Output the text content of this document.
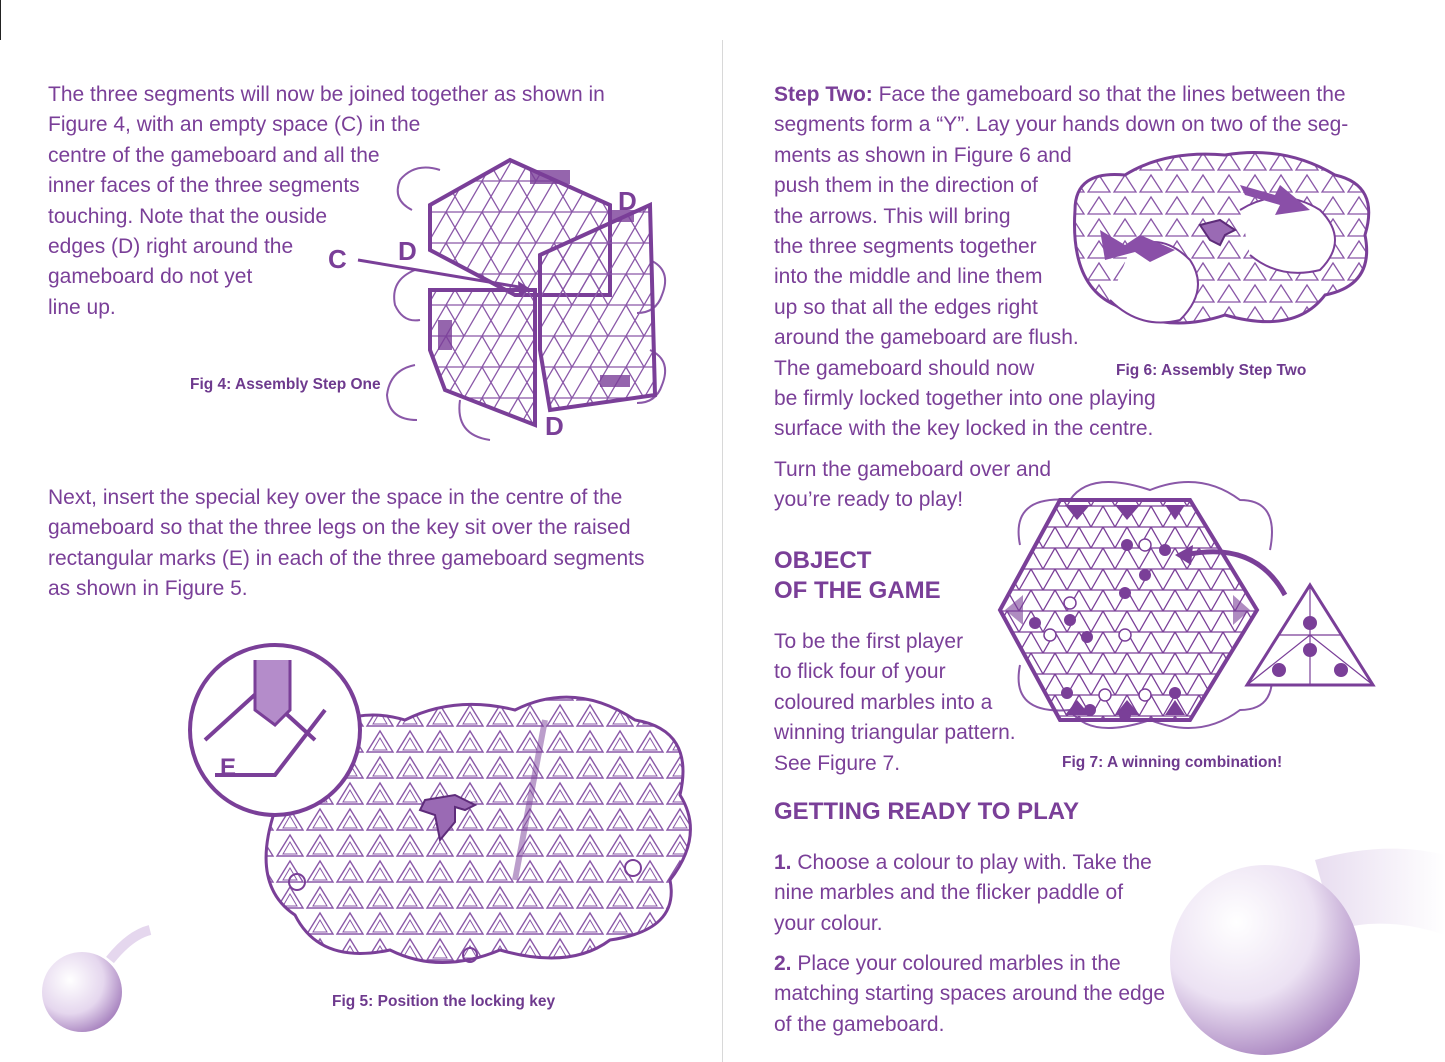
The three segments will now be joined together as shown in
Figure 4, with an empty space (C) in the
centre of the gameboard and all the
inner faces of the three segments
touching. Note that the ouside
edges (D) right around the
gameboard do not yet
line up.
C D
D
D
Fig 4: Assembly Step One
Next, insert the special key over the space in the centre of the
gameboard so that the three legs on the key sit over the raised
rectangular marks (E) in each of the three gameboard segments
as shown in Figure 5.
E
Fig 5: Position the locking key
Step Two: Face the gameboard so that the lines between the
segments form a “Y”. Lay your hands down on two of the seg-
ments as shown in Figure 6 and
push them in the direction of
the arrows. This will bring
the three segments together
into the middle and line them
up so that all the edges right
around the gameboard are flush.
The gameboard should now
be firmly locked together into one playing
surface with the key locked in the centre.
Fig 6: Assembly Step Two
Turn the gameboard over and
you’re ready to play!
OBJECT
OF THE GAME
To be the first player
to flick four of your
coloured marbles into a
winning triangular pattern.
See Figure 7.	Fig 7: A winning combination!
GETTING READY TO PLAY
1. Choose a colour to play with. Take the
nine marbles and the flicker paddle of
your colour.
2. Place your coloured marbles in the
matching starting spaces around the edge
of the gameboard.
